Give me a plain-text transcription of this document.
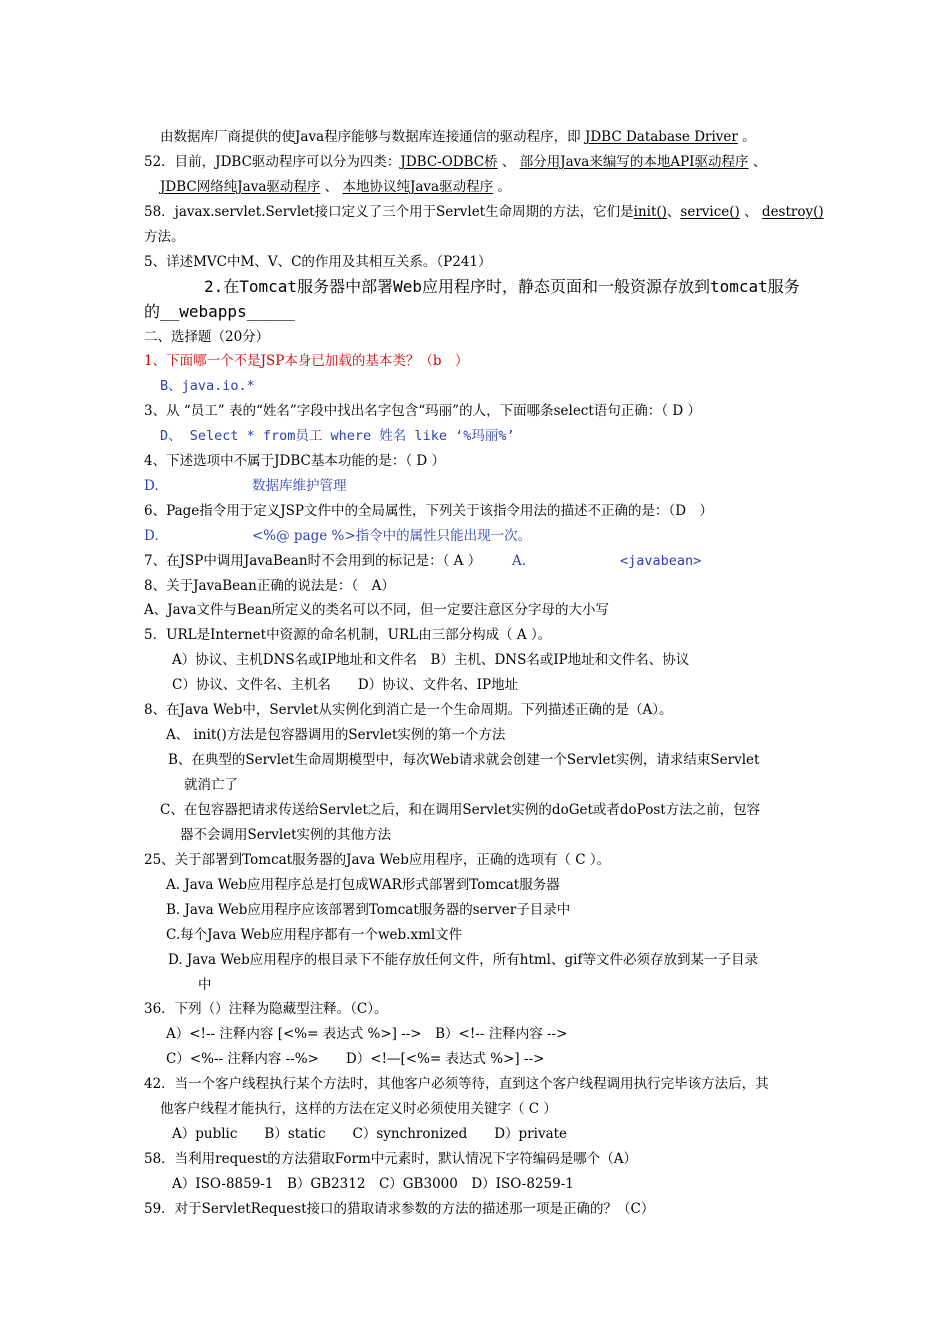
由数据库厂商提供的使Java程序能够与数据库连接通信的驱动程序，即 JDBC Database Driver 。
52．目前，JDBC驱动程序可以分为四类：JDBC-ODBC桥 、 部分用Java来编写的本地API驱动程序 、
JDBC网络纯Java驱动程序 、 本地协议纯Java驱动程序 。
58．javax.servlet.Servlet接口定义了三个用于Servlet生命周期的方法，它们是init()、service() 、 destroy()
方法。
5、详述MVC中M、V、C的作用及其相互关系。（P241）
2.在Tomcat服务器中部署Web应用程序时，静态页面和一般资源存放到tomcat服务
的__webapps_____
二、选择题（20分）
1、下面哪一个不是JSP本身已加载的基本类？（b　）
B、java.io.*
3、从 “员工” 表的“姓名”字段中找出名字包含“玛丽”的人，下面哪条select语句正确：（ D ）
D、 Select * from员工 where 姓名 like ‘%玛丽%’
4、下述选项中不属于JDBC基本功能的是：（ D ）
D.	数据库维护管理
6、Page指令用于定义JSP文件中的全局属性，下列关于该指令用法的描述不正确的是：（D　）
D.	<%@ page %>指令中的属性只能出现一次。
7、在JSP中调用JavaBean时不会用到的标记是：（ A ） A.	<javabean>
8、关于JavaBean正确的说法是：（　A）
A、Java文件与Bean所定义的类名可以不同，但一定要注意区分字母的大小写
5．URL是Internet中资源的命名机制，URL由三部分构成（ A ）。
A）协议、主机DNS名或IP地址和文件名　B）主机、DNS名或IP地址和文件名、协议
C）协议、文件名、主机名　　D）协议、文件名、IP地址
8、在Java Web中，Servlet从实例化到消亡是一个生命周期。下列描述正确的是（A）。
A、 init()方法是包容器调用的Servlet实例的第一个方法
B、在典型的Servlet生命周期模型中，每次Web请求就会创建一个Servlet实例，请求结束Servlet
就消亡了
C、在包容器把请求传送给Servlet之后，和在调用Servlet实例的doGet或者doPost方法之前，包容
器不会调用Servlet实例的其他方法
25、关于部署到Tomcat服务器的Java Web应用程序，正确的选项有（ C ）。
A. Java Web应用程序总是打包成WAR形式部署到Tomcat服务器
B. Java Web应用程序应该部署到Tomcat服务器的server子目录中
C.每个Java Web应用程序都有一个web.xml文件
D. Java Web应用程序的根目录下不能存放任何文件，所有html、gif等文件必须存放到某一子目录
中
36．下列（）注释为隐藏型注释。（C）。
A）<!-- 注释内容 [<%= 表达式 %>] -->　B）<!-- 注释内容 -->
C）<%-- 注释内容 --%>　　D）<!—[<%= 表达式 %>] -->
42．当一个客户线程执行某个方法时，其他客户必须等待，直到这个客户线程调用执行完毕该方法后，其
他客户线程才能执行，这样的方法在定义时必须使用关键字（ C ）
A）public　　B）static　　C）synchronized　　D）private
58．当利用request的方法猎取Form中元素时，默认情况下字符编码是哪个（A）
A）ISO-8859-1　B）GB2312　C）GB3000　D）ISO-8259-1
59．对于ServletRequest接口的猎取请求参数的方法的描述那一项是正确的？（C）
